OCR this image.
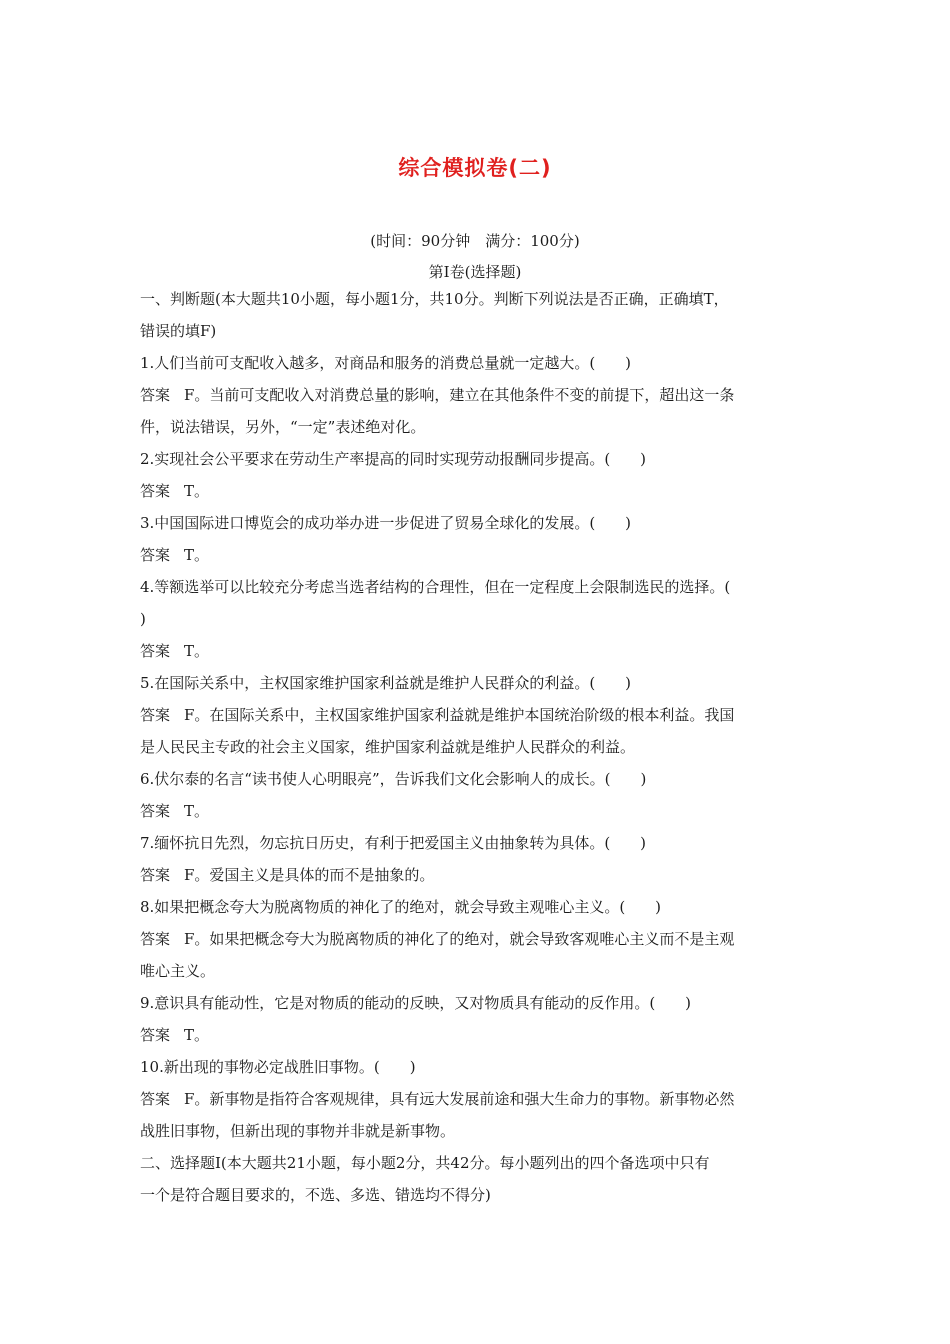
综合模拟卷(二)
(时间：90分钟　满分：100分)
第Ⅰ卷(选择题)
一、判断题(本大题共10小题，每小题1分，共10分。判断下列说法是否正确，正确填T，
错误的填F)
1.人们当前可支配收入越多，对商品和服务的消费总量就一定越大。(　　)
答案 F。当前可支配收入对消费总量的影响，建立在其他条件不变的前提下，超出这一条
件，说法错误，另外，“一定”表述绝对化。
2.实现社会公平要求在劳动生产率提高的同时实现劳动报酬同步提高。(　　)
答案 T。
3.中国国际进口博览会的成功举办进一步促进了贸易全球化的发展。(　　)
答案 T。
4.等额选举可以比较充分考虑当选者结构的合理性，但在一定程度上会限制选民的选择。(
)
答案 T。
5.在国际关系中，主权国家维护国家利益就是维护人民群众的利益。(　　)
答案 F。在国际关系中，主权国家维护国家利益就是维护本国统治阶级的根本利益。我国
是人民民主专政的社会主义国家，维护国家利益就是维护人民群众的利益。
6.伏尔泰的名言“读书使人心明眼亮”，告诉我们文化会影响人的成长。(　　)
答案 T。
7.缅怀抗日先烈，勿忘抗日历史，有利于把爱国主义由抽象转为具体。(　　)
答案 F。爱国主义是具体的而不是抽象的。
8.如果把概念夸大为脱离物质的神化了的绝对，就会导致主观唯心主义。(　　)
答案 F。如果把概念夸大为脱离物质的神化了的绝对，就会导致客观唯心主义而不是主观
唯心主义。
9.意识具有能动性，它是对物质的能动的反映，又对物质具有能动的反作用。(　　)
答案 T。
10.新出现的事物必定战胜旧事物。(　　)
答案 F。新事物是指符合客观规律，具有远大发展前途和强大生命力的事物。新事物必然
战胜旧事物，但新出现的事物并非就是新事物。
二、选择题Ⅰ(本大题共21小题，每小题2分，共42分。每小题列出的四个备选项中只有
一个是符合题目要求的，不选、多选、错选均不得分)
